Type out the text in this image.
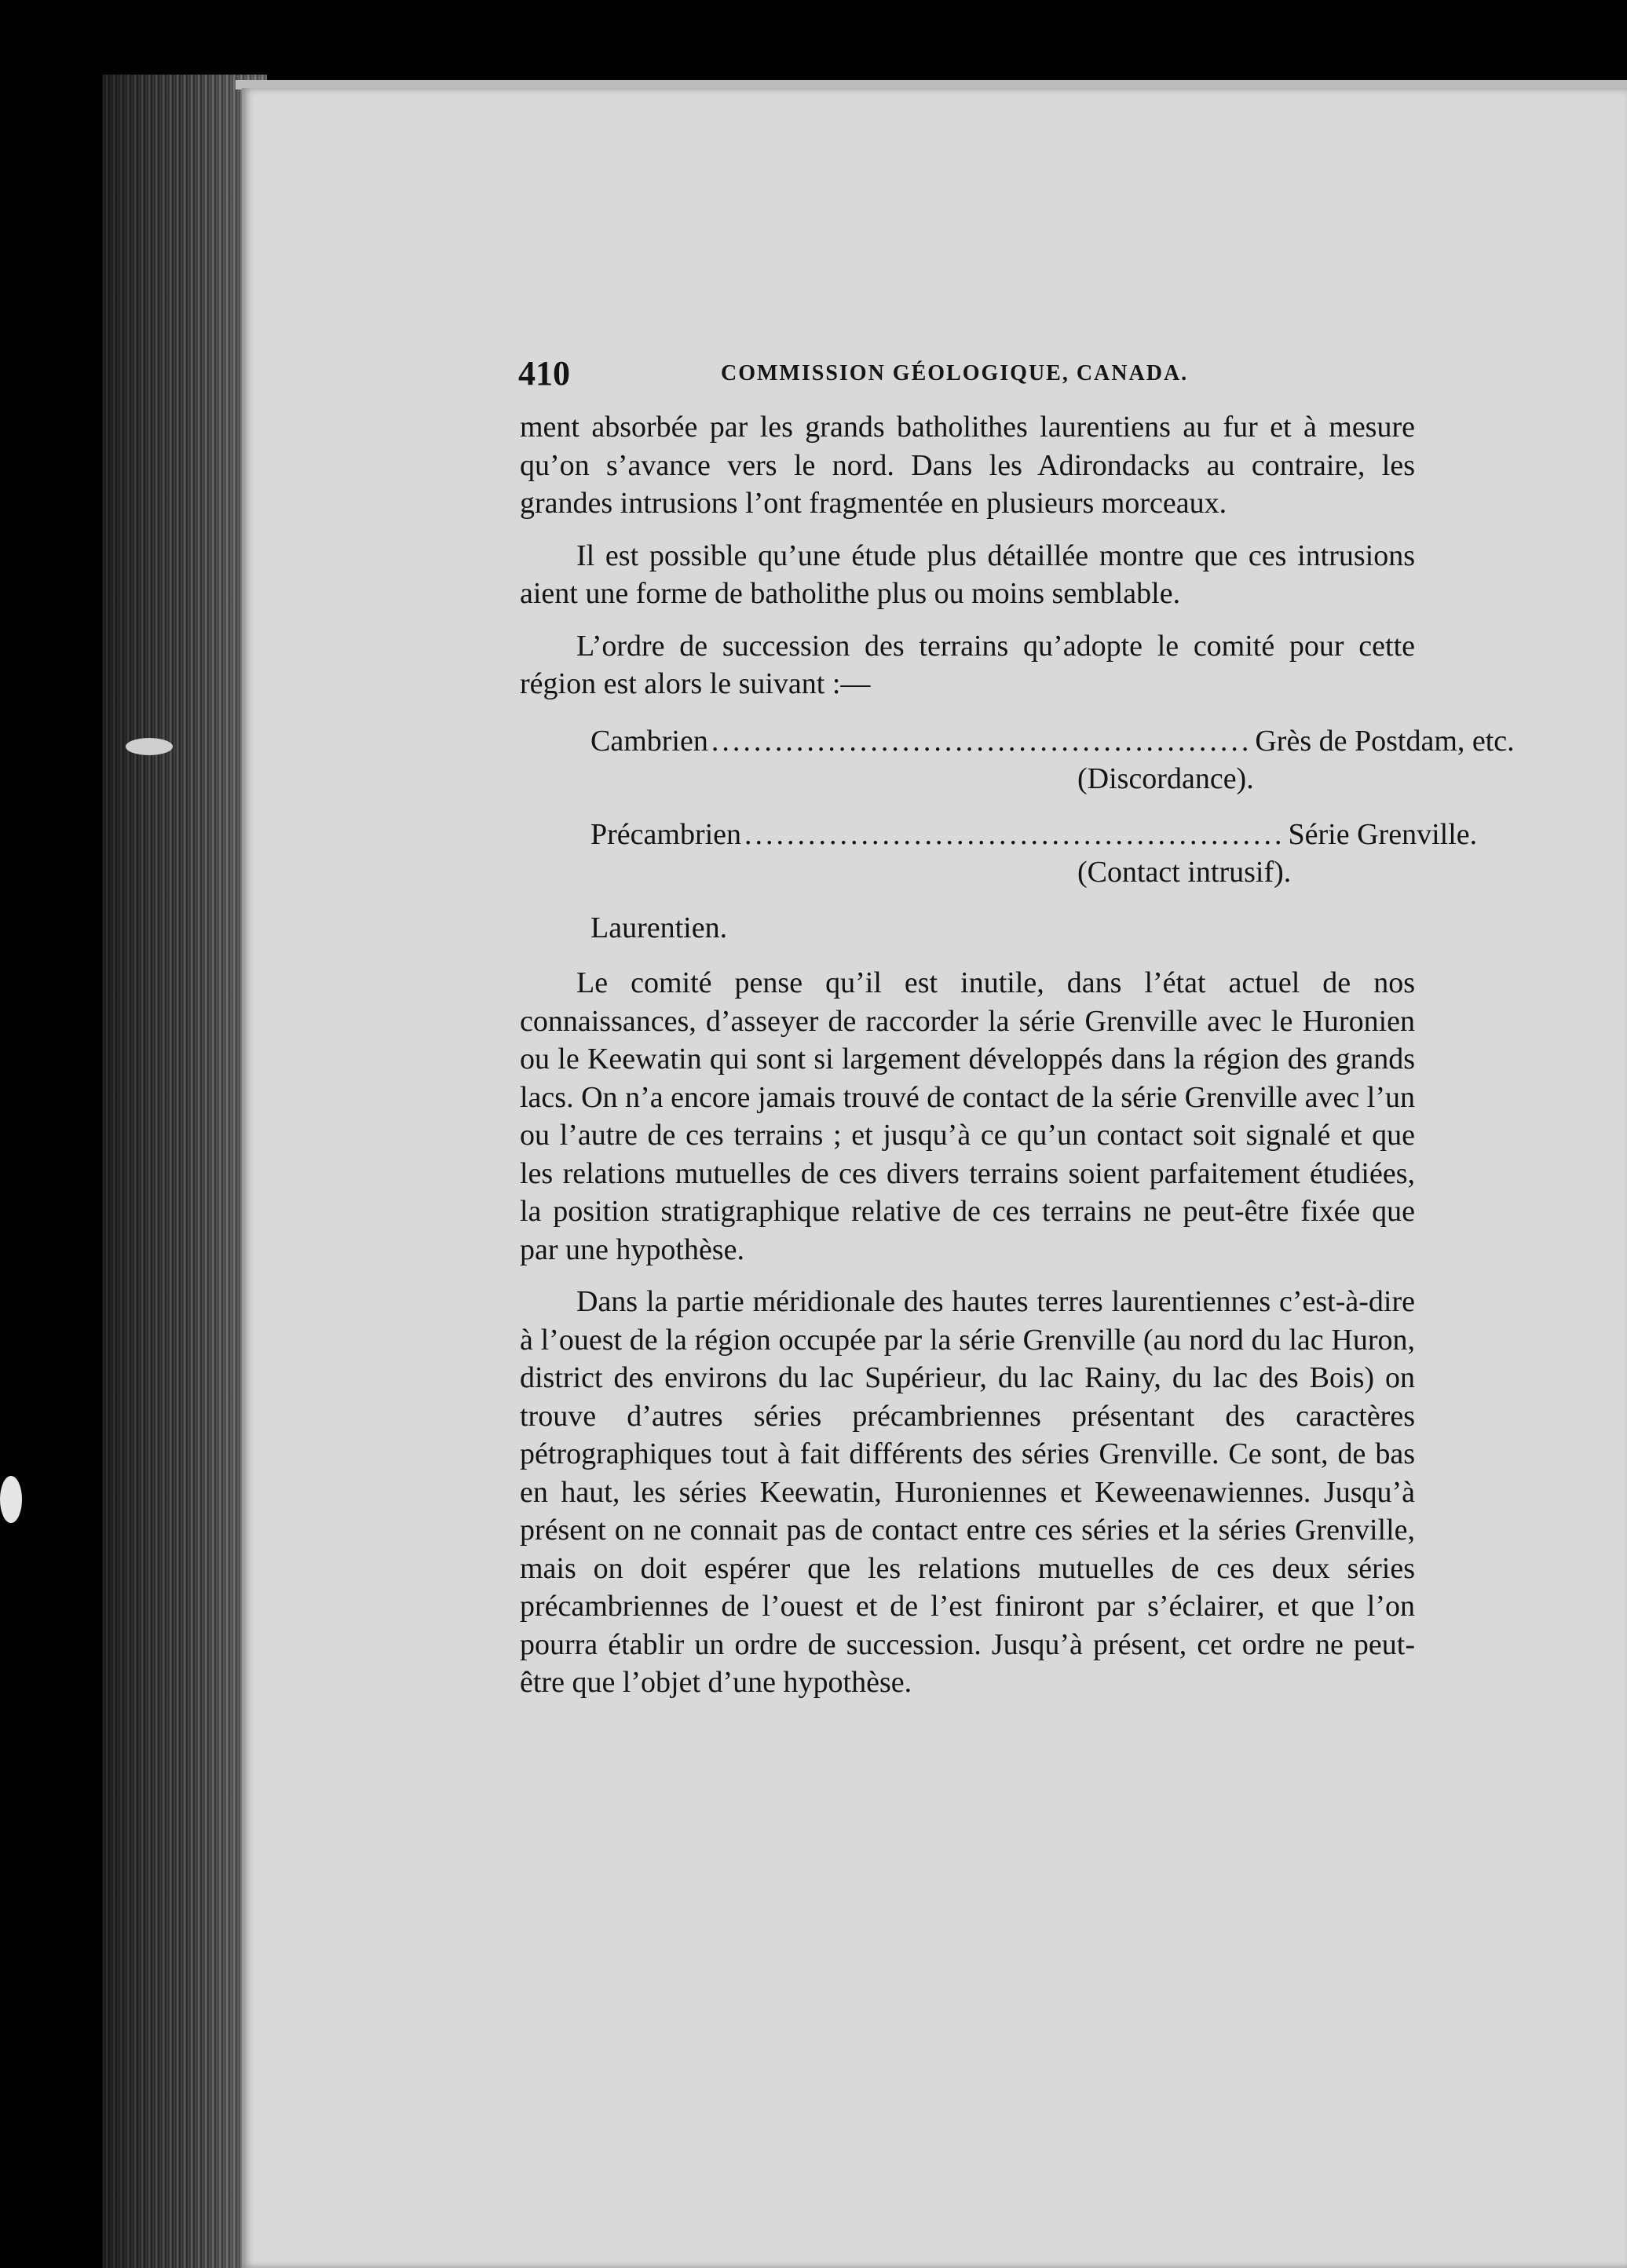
410	COMMISSION GÉOLOGIQUE, CANADA.

ment absorbée par les grands batholithes laurentiens au fur et à mesure qu’on s’avance vers le nord. Dans les Adirondacks au contraire, les grandes intrusions l’ont fragmentée en plusieurs morceaux.

Il est possible qu’une étude plus détaillée montre que ces intrusions aient une forme de batholithe plus ou moins semblable.

L’ordre de succession des terrains qu’adopte le comité pour cette région est alors le suivant :—

Cambrien ................................................... Grès de Postdam, etc.
(Discordance).
Précambrien ................................................... Série Grenville.
(Contact intrusif).
Laurentien.

Le comité pense qu’il est inutile, dans l’état actuel de nos connaissances, d’asseyer de raccorder la série Grenville avec le Huronien ou le Keewatin qui sont si largement développés dans la région des grands lacs. On n’a encore jamais trouvé de contact de la série Grenville avec l’un ou l’autre de ces terrains ; et jusqu’à ce qu’un contact soit signalé et que les relations mutuelles de ces divers terrains soient parfaitement étudiées, la position stratigraphique relative de ces terrains ne peut-être fixée que par une hypothèse.

Dans la partie méridionale des hautes terres laurentiennes c’est-à-dire à l’ouest de la région occupée par la série Grenville (au nord du lac Huron, district des environs du lac Supérieur, du lac Rainy, du lac des Bois) on trouve d’autres séries précambriennes présentant des caractères pétrographiques tout à fait différents des séries Grenville. Ce sont, de bas en haut, les séries Keewatin, Huroniennes et Keweenawiennes. Jusqu’à présent on ne connait pas de contact entre ces séries et la séries Grenville, mais on doit espérer que les relations mutuelles de ces deux séries précambriennes de l’ouest et de l’est finiront par s’éclairer, et que l’on pourra établir un ordre de succession. Jusqu’à présent, cet ordre ne peut-être que l’objet d’une hypothèse.
